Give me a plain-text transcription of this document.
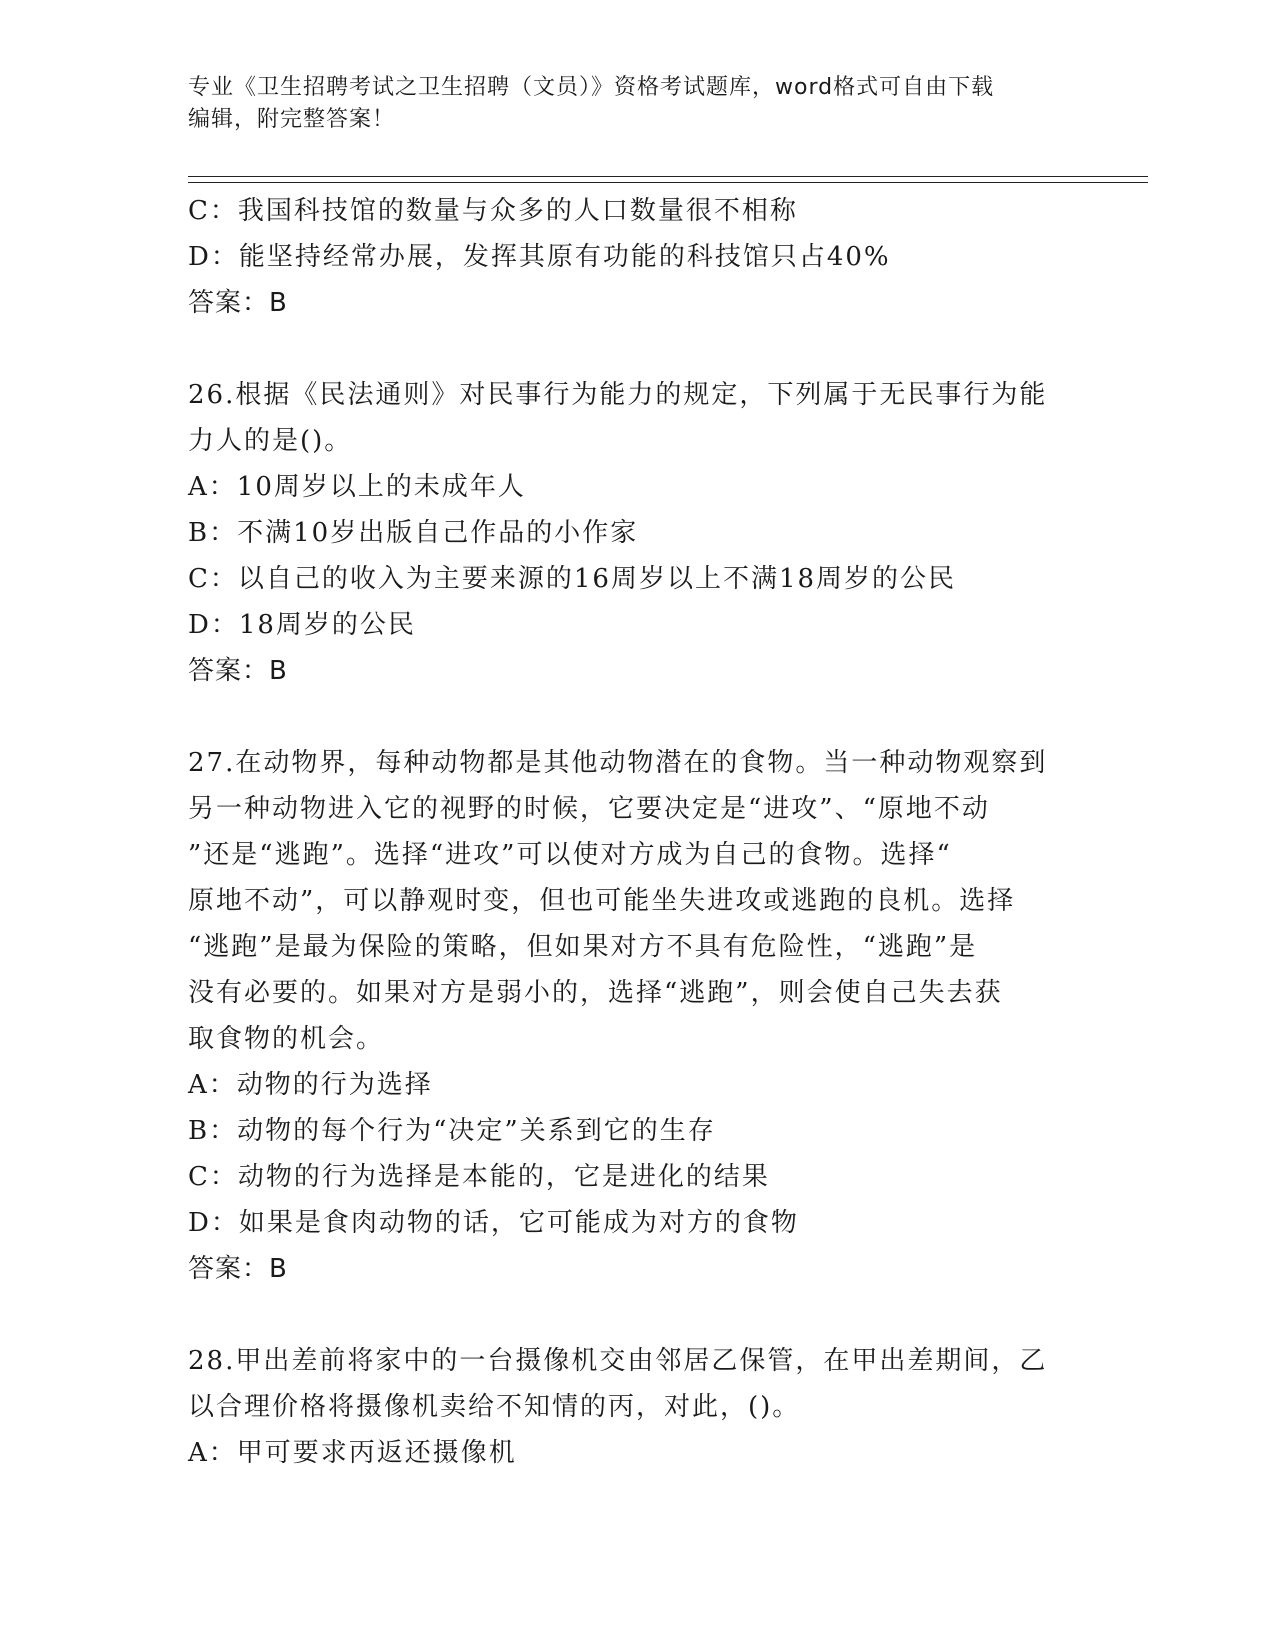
专业《卫生招聘考试之卫生招聘（文员）》资格考试题库，word格式可自由下载
编辑，附完整答案！
C：我国科技馆的数量与众多的人口数量很不相称
D：能坚持经常办展，发挥其原有功能的科技馆只占40%
答案：B
26.根据《民法通则》对民事行为能力的规定，下列属于无民事行为能
力人的是()。
A：10周岁以上的未成年人
B：不满10岁出版自己作品的小作家
C：以自己的收入为主要来源的16周岁以上不满18周岁的公民
D：18周岁的公民
答案：B
27.在动物界，每种动物都是其他动物潜在的食物。当一种动物观察到
另一种动物进入它的视野的时候，它要决定是“进攻”、“原地不动
”还是“逃跑”。选择“进攻”可以使对方成为自己的食物。选择“
原地不动”，可以静观时变，但也可能坐失进攻或逃跑的良机。选择
“逃跑”是最为保险的策略，但如果对方不具有危险性，“逃跑”是
没有必要的。如果对方是弱小的，选择“逃跑”，则会使自己失去获
取食物的机会。
A：动物的行为选择
B：动物的每个行为“决定”关系到它的生存
C：动物的行为选择是本能的，它是进化的结果
D：如果是食肉动物的话，它可能成为对方的食物
答案：B
28.甲出差前将家中的一台摄像机交由邻居乙保管，在甲出差期间，乙
以合理价格将摄像机卖给不知情的丙，对此，()。
A：甲可要求丙返还摄像机
